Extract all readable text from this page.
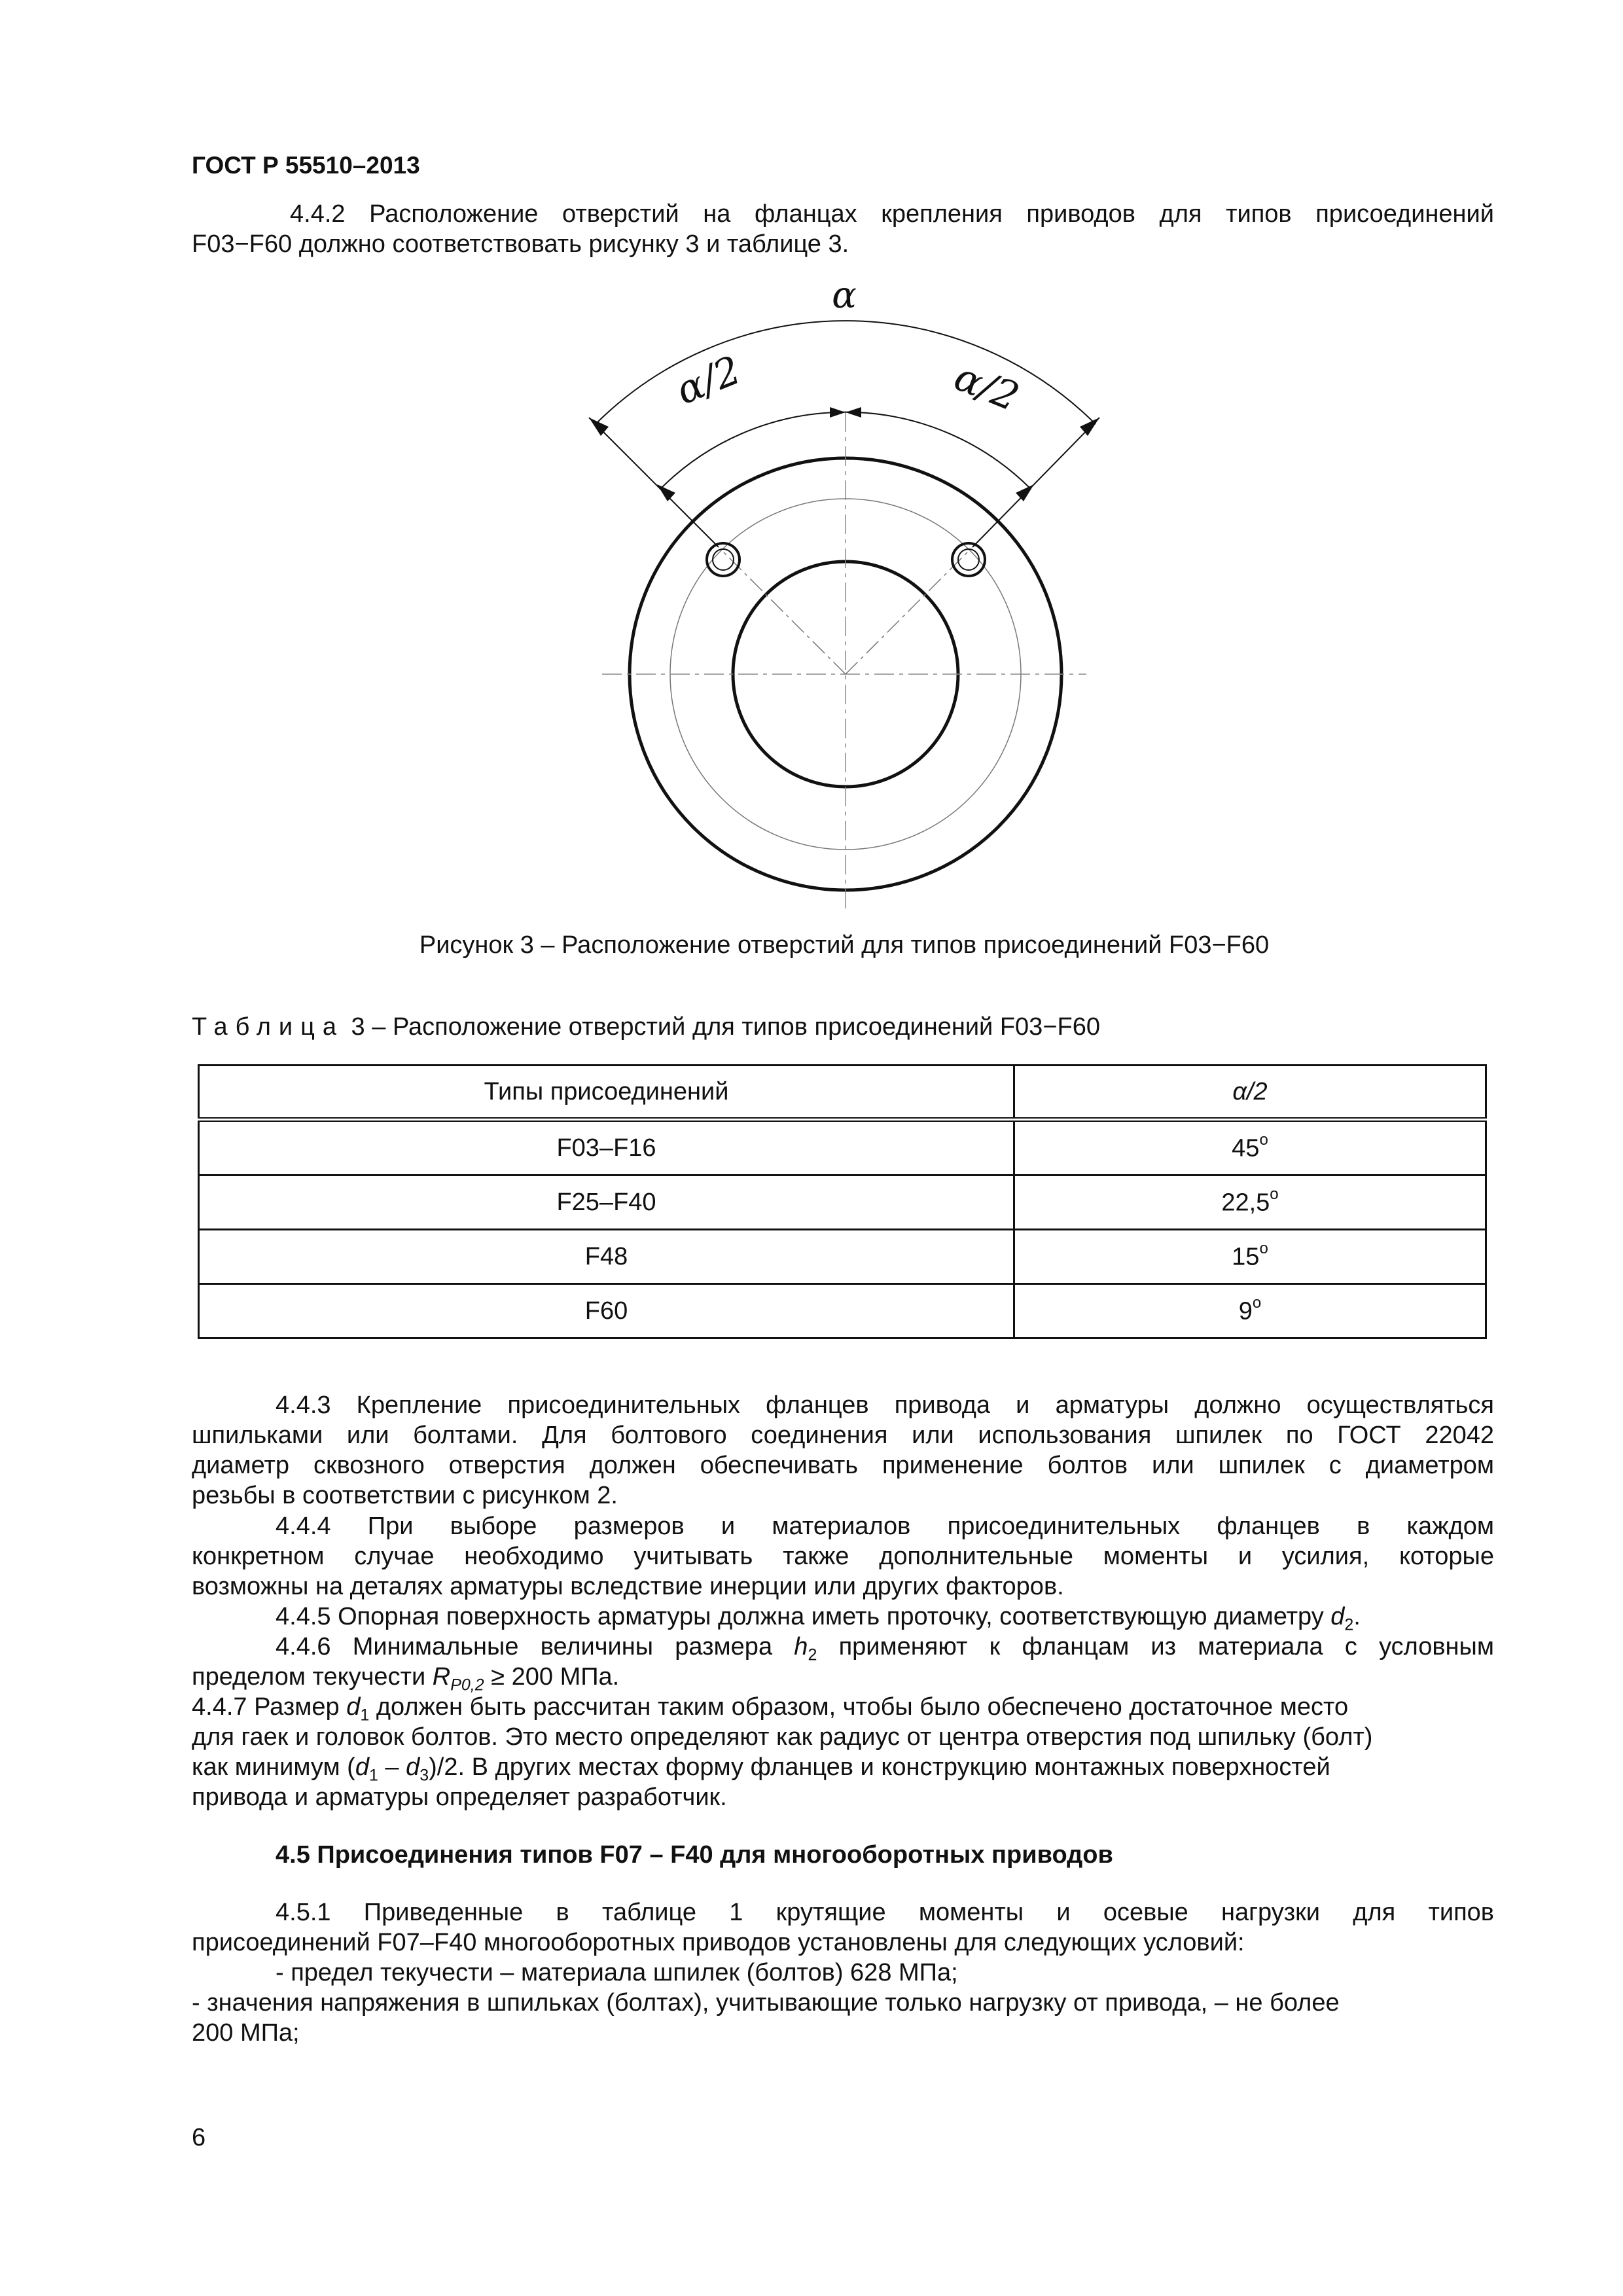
ГОСТ Р 55510–2013
4.4.2 Расположение отверстий на фланцах крепления приводов для типов присоединений
F03−F60 должно соответствовать рисунку 3 и таблице 3.
α
α/2	α/2
Рисунок 3 – Расположение отверстий для типов присоединений F03−F60
Таблица 3 – Расположение отверстий для типов присоединений F03−F60
Типы присоединений	α/2
F03–F16	45$^o$
F25–F40	22,5$^o$
F48	15$^o$
F60	9$^o$
4.4.3 Крепление присоединительных фланцев привода и арматуры должно осуществляться
шпильками или болтами. Для болтового соединения или использования шпилек по ГОСТ 22042
диаметр сквозного отверстия должен обеспечивать применение болтов или шпилек с диаметром
резьбы в соответствии с рисунком 2.
4.4.4 При выборе размеров и материалов присоединительных фланцев в каждом
конкретном случае необходимо учитывать также дополнительные моменты и усилия, которые
возможны на деталях арматуры вследствие инерции или других факторов.
4.4.5 Опорная поверхность арматуры должна иметь проточку, соответствующую диаметру $d_2$.
4.4.6 Минимальные величины размера $h_2$ применяют к фланцам из материала с условным
пределом текучести $R_{P0,2} \ge 200$ МПа.
4.4.7 Размер $d_1$ должен быть рассчитан таким образом, чтобы было обеспечено достаточное место
для гаек и головок болтов. Это место определяют как радиус от центра отверстия под шпильку (болт)
как минимум $(d_1 - d_3)/2$. В других местах форму фланцев и конструкцию монтажных поверхностей
привода и арматуры определяет разработчик.
4.5 Присоединения типов F07 – F40 для многооборотных приводов
4.5.1 Приведенные в таблице 1 крутящие моменты и осевые нагрузки для типов
присоединений F07–F40 многооборотных приводов установлены для следующих условий:
- предел текучести – материала шпилек (болтов) 628 МПа;
- значения напряжения в шпильках (болтах), учитывающие только нагрузку от привода, – не более
200 МПа;
6
